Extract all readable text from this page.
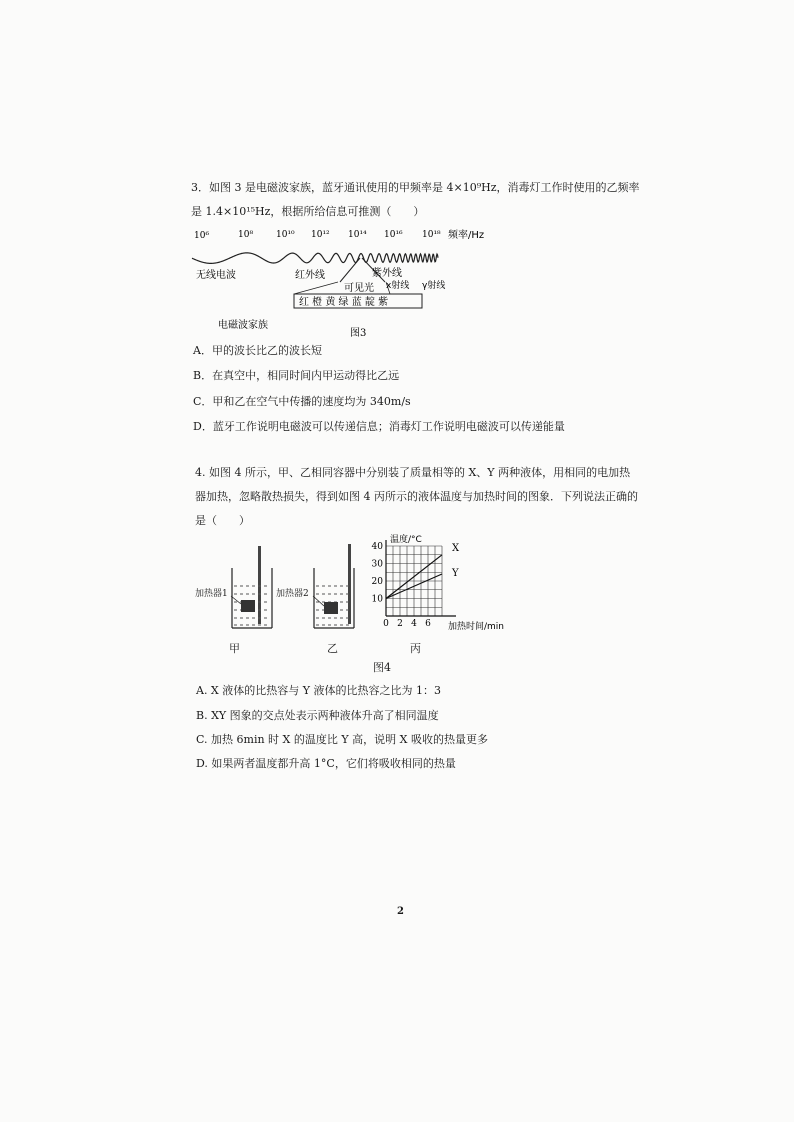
3．如图 3 是电磁波家族，蓝牙通讯使用的甲频率是 4×10⁹Hz，消毒灯工作时使用的乙频率
是 1.4×10¹⁵Hz，根据所给信息可推测（　　）
10⁶	10⁸	10¹⁰ 10¹² 10¹⁴ 10¹⁶ 10¹⁸ 频率/Hz
无线电波	红外线	紫外线
x射线 γ射线
可见光
红 橙 黄 绿 蓝 靛 紫
电磁波家族
图3
A．甲的波长比乙的波长短
B．在真空中，相同时间内甲运动得比乙远
C．甲和乙在空气中传播的速度均为 340m/s
D．蓝牙工作说明电磁波可以传递信息；消毒灯工作说明电磁波可以传递能量
4. 如图 4 所示，甲、乙相同容器中分别装了质量相等的 X、Y 两种液体，用相同的电加热
器加热，忽略散热损失，得到如图 4 丙所示的液体温度与加热时间的图象．下列说法正确的
是（　　）
加热器1
甲
加热器2
乙
10
20
30
40
0 2 4 6
温度/°C
加热时间/min
X
Y
丙
图4
A. X 液体的比热容与 Y 液体的比热容之比为 1：3
B. XY 图象的交点处表示两种液体升高了相同温度
C. 加热 6min 时 X 的温度比 Y 高，说明 X 吸收的热量更多
D. 如果两者温度都升高 1°C，它们将吸收相同的热量
2
